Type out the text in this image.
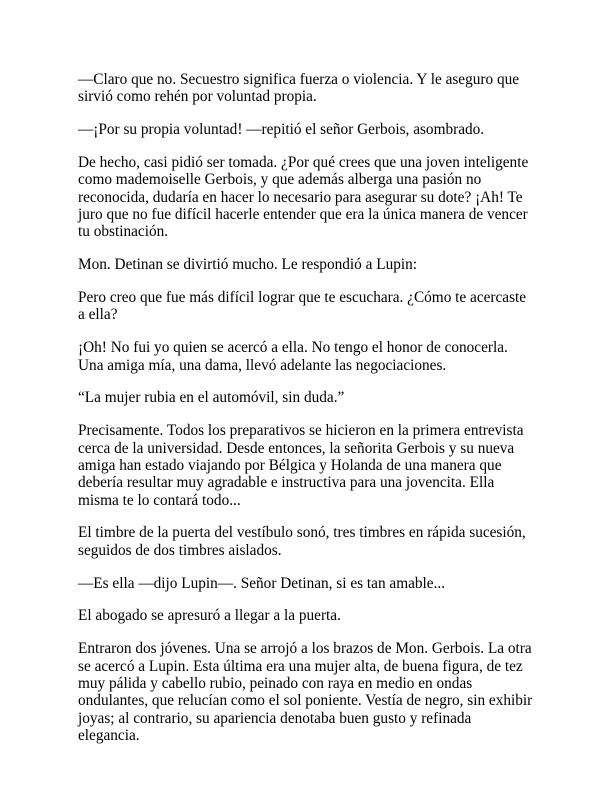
—Claro que no. Secuestro significa fuerza o violencia. Y le aseguro que sirvió como rehén por voluntad propia.

—¡Por su propia voluntad! —repitió el señor Gerbois, asombrado.

De hecho, casi pidió ser tomada. ¿Por qué crees que una joven inteligente como mademoiselle Gerbois, y que además alberga una pasión no reconocida, dudaría en hacer lo necesario para asegurar su dote? ¡Ah! Te juro que no fue difícil hacerle entender que era la única manera de vencer tu obstinación.

Mon. Detinan se divirtió mucho. Le respondió a Lupin:

Pero creo que fue más difícil lograr que te escuchara. ¿Cómo te acercaste a ella?

¡Oh! No fui yo quien se acercó a ella. No tengo el honor de conocerla. Una amiga mía, una dama, llevó adelante las negociaciones.

“La mujer rubia en el automóvil, sin duda.”

Precisamente. Todos los preparativos se hicieron en la primera entrevista cerca de la universidad. Desde entonces, la señorita Gerbois y su nueva amiga han estado viajando por Bélgica y Holanda de una manera que debería resultar muy agradable e instructiva para una jovencita. Ella misma te lo contará todo...

El timbre de la puerta del vestíbulo sonó, tres timbres en rápida sucesión, seguidos de dos timbres aislados.

—Es ella —dijo Lupin—. Señor Detinan, si es tan amable...

El abogado se apresuró a llegar a la puerta.

Entraron dos jóvenes. Una se arrojó a los brazos de Mon. Gerbois. La otra se acercó a Lupin. Esta última era una mujer alta, de buena figura, de tez muy pálida y cabello rubio, peinado con raya en medio en ondas ondulantes, que relucían como el sol poniente. Vestía de negro, sin exhibir joyas; al contrario, su apariencia denotaba buen gusto y refinada elegancia.
